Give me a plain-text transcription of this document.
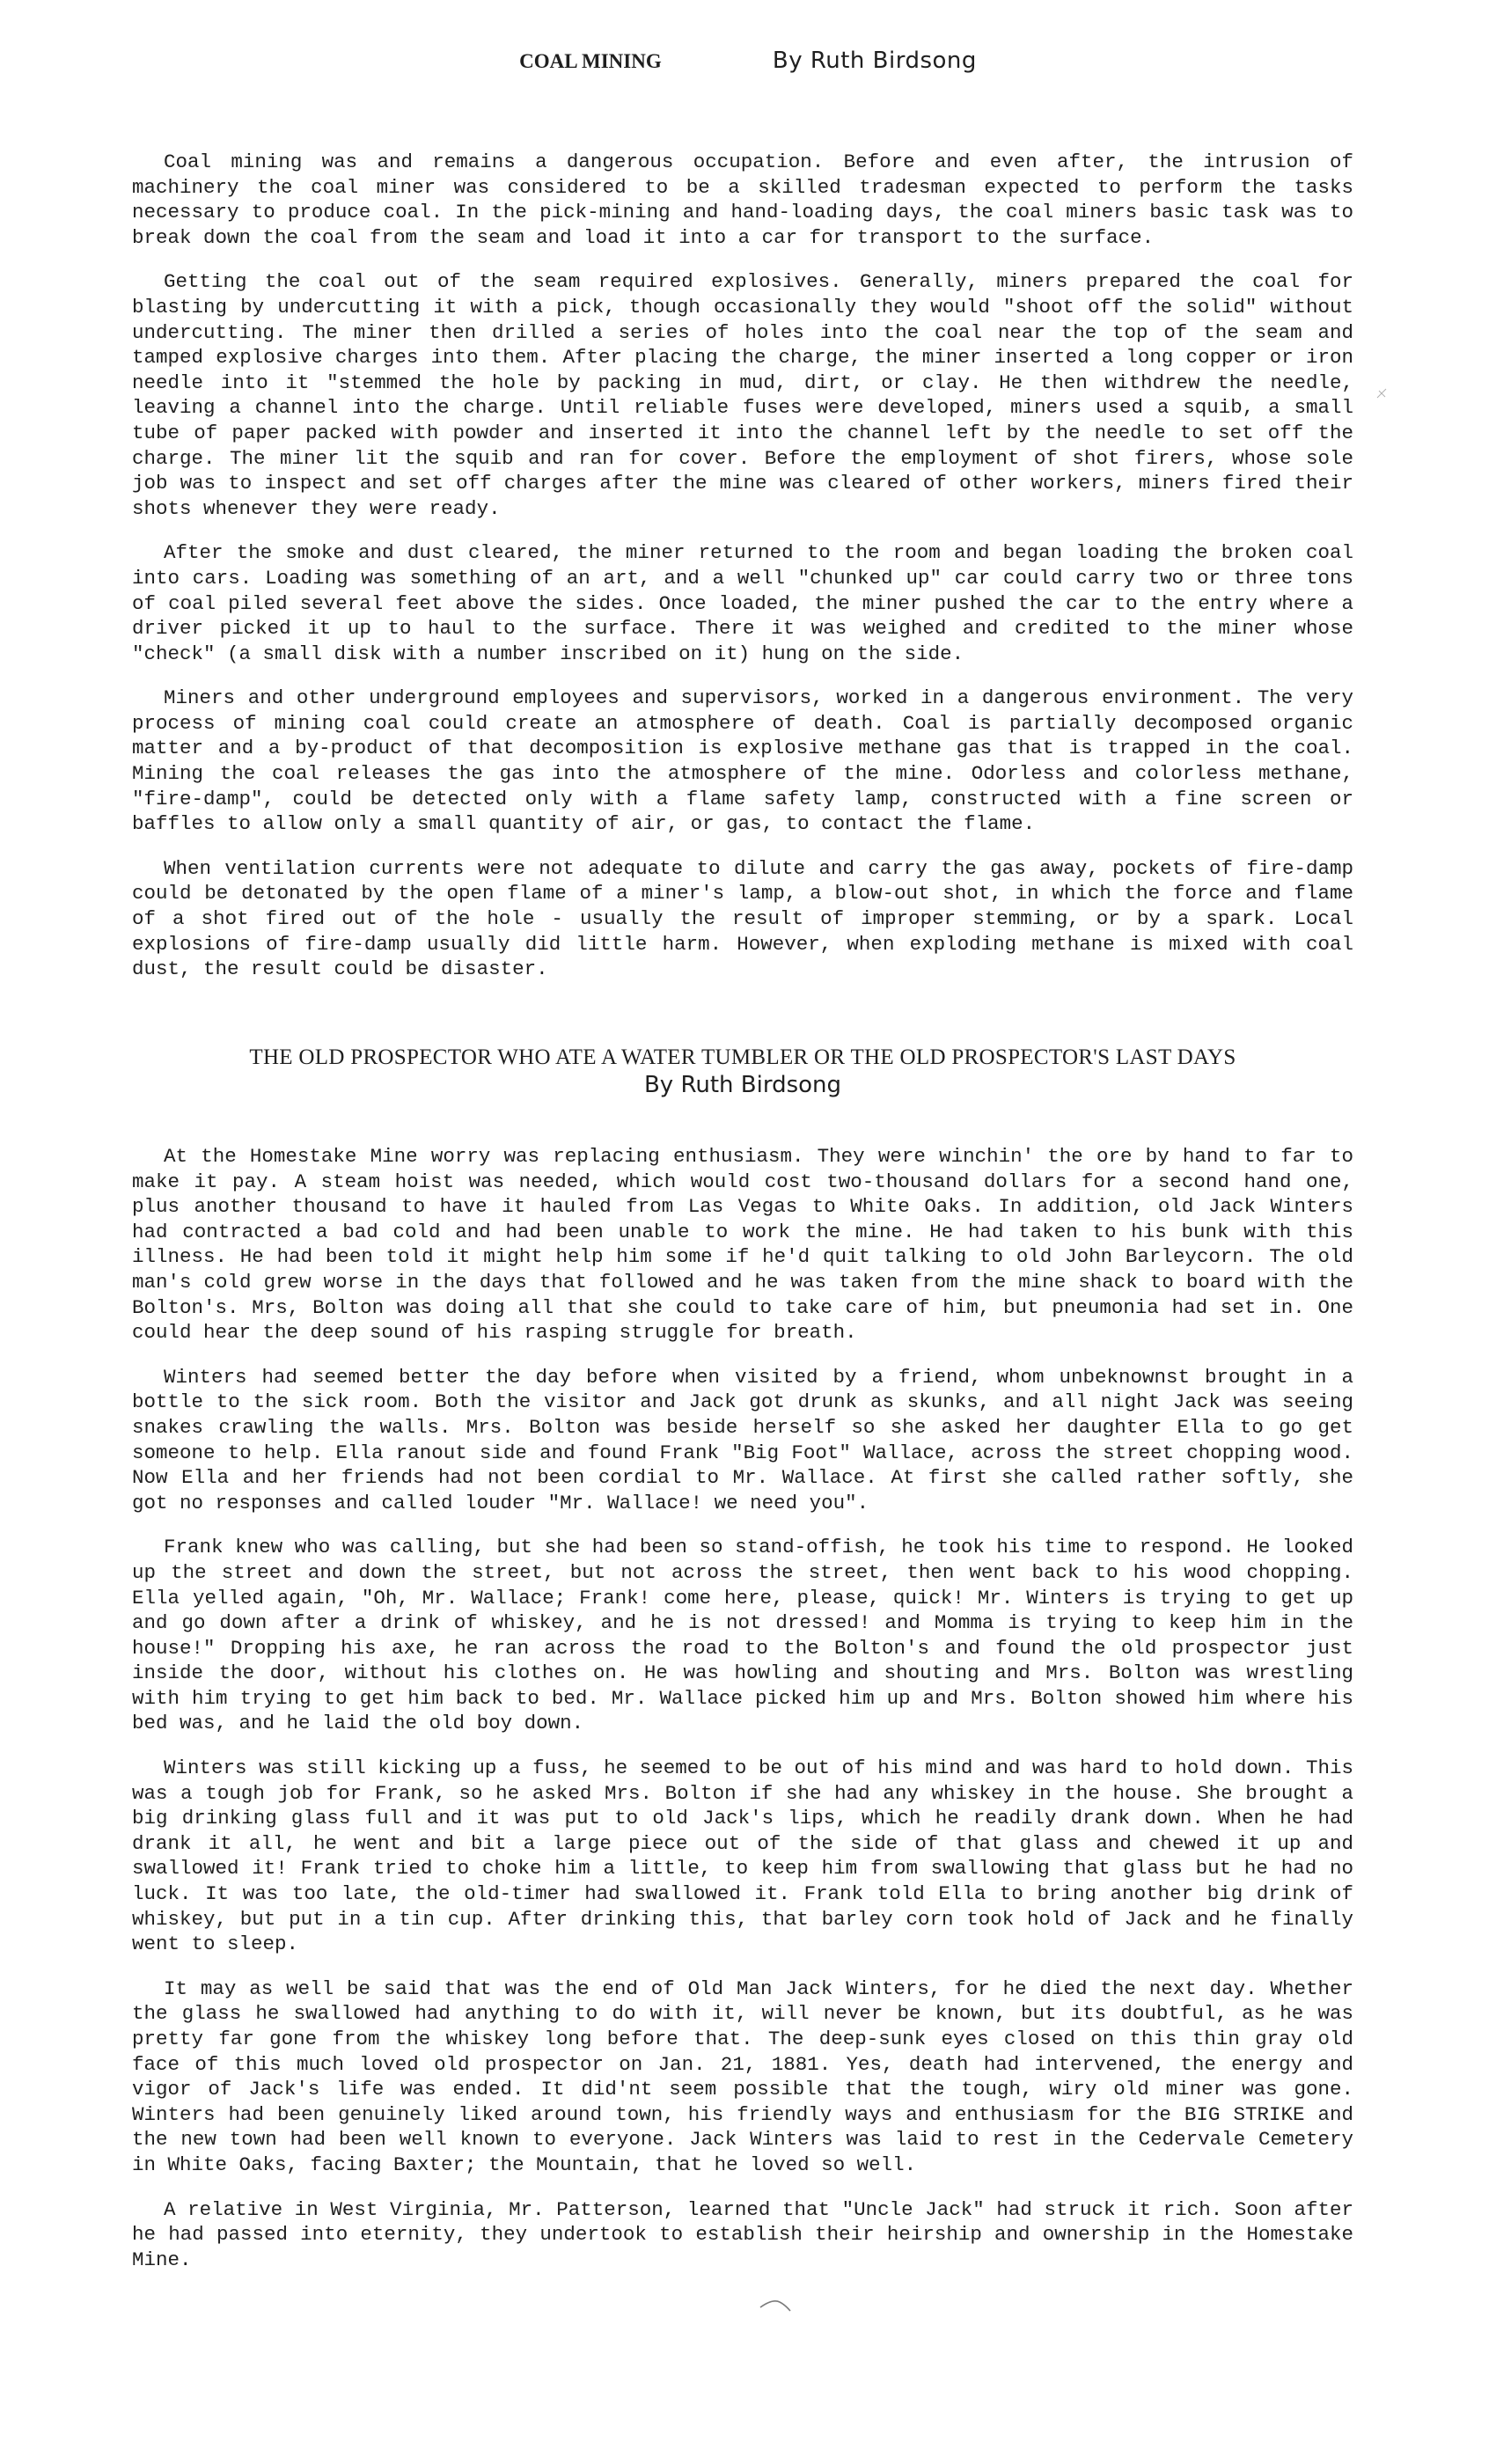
COAL MINING	By Ruth Birdsong

Coal mining was and remains a dangerous occupation. Before and even after, the intrusion of machinery the coal miner was considered to be a skilled tradesman expected to perform the tasks necessary to produce coal. In the pick-mining and hand-loading days, the coal miners basic task was to break down the coal from the seam and load it into a car for transport to the surface.

Getting the coal out of the seam required explosives. Generally, miners prepared the coal for blasting by undercutting it with a pick, though occasionally they would "shoot off the solid" without undercutting. The miner then drilled a series of holes into the coal near the top of the seam and tamped explosive charges into them. After placing the charge, the miner inserted a long copper or iron needle into it "stemmed the hole by packing in mud, dirt, or clay. He then withdrew the needle, leaving a channel into the charge. Until reliable fuses were developed, miners used a squib, a small tube of paper packed with powder and inserted it into the channel left by the needle to set off the charge. The miner lit the squib and ran for cover. Before the employment of shot firers, whose sole job was to inspect and set off charges after the mine was cleared of other workers, miners fired their shots whenever they were ready.

After the smoke and dust cleared, the miner returned to the room and began loading the broken coal into cars. Loading was something of an art, and a well "chunked up" car could carry two or three tons of coal piled several feet above the sides. Once loaded, the miner pushed the car to the entry where a driver picked it up to haul to the surface. There it was weighed and credited to the miner whose "check" (a small disk with a number inscribed on it) hung on the side.

Miners and other underground employees and supervisors, worked in a dangerous environment. The very process of mining coal could create an atmosphere of death. Coal is partially decomposed organic matter and a by-product of that decomposition is explosive methane gas that is trapped in the coal. Mining the coal releases the gas into the atmosphere of the mine. Odorless and colorless methane, "fire-damp", could be detected only with a flame safety lamp, constructed with a fine screen or baffles to allow only a small quantity of air, or gas, to contact the flame.

When ventilation currents were not adequate to dilute and carry the gas away, pockets of fire-damp could be detonated by the open flame of a miner's lamp, a blow-out shot, in which the force and flame of a shot fired out of the hole - usually the result of improper stemming, or by a spark. Local explosions of fire-damp usually did little harm. However, when exploding methane is mixed with coal dust, the result could be disaster.

THE OLD PROSPECTOR WHO ATE A WATER TUMBLER OR THE OLD PROSPECTOR'S LAST DAYS
By Ruth Birdsong

At the Homestake Mine worry was replacing enthusiasm. They were winchin' the ore by hand to far to make it pay. A steam hoist was needed, which would cost two-thousand dollars for a second hand one, plus another thousand to have it hauled from Las Vegas to White Oaks. In addition, old Jack Winters had contracted a bad cold and had been unable to work the mine. He had taken to his bunk with this illness. He had been told it might help him some if he'd quit talking to old John Barleycorn. The old man's cold grew worse in the days that followed and he was taken from the mine shack to board with the Bolton's. Mrs, Bolton was doing all that she could to take care of him, but pneumonia had set in. One could hear the deep sound of his rasping struggle for breath.

Winters had seemed better the day before when visited by a friend, whom unbeknownst brought in a bottle to the sick room. Both the visitor and Jack got drunk as skunks, and all night Jack was seeing snakes crawling the walls. Mrs. Bolton was beside herself so she asked her daughter Ella to go get someone to help. Ella ranout side and found Frank "Big Foot" Wallace, across the street chopping wood. Now Ella and her friends had not been cordial to Mr. Wallace. At first she called rather softly, she got no responses and called louder "Mr. Wallace! we need you".

Frank knew who was calling, but she had been so stand-offish, he took his time to respond. He looked up the street and down the street, but not across the street, then went back to his wood chopping. Ella yelled again, "Oh, Mr. Wallace; Frank! come here, please, quick! Mr. Winters is trying to get up and go down after a drink of whiskey, and he is not dressed! and Momma is trying to keep him in the house!" Dropping his axe, he ran across the road to the Bolton's and found the old prospector just inside the door, without his clothes on. He was howling and shouting and Mrs. Bolton was wrestling with him trying to get him back to bed. Mr. Wallace picked him up and Mrs. Bolton showed him where his bed was, and he laid the old boy down.

Winters was still kicking up a fuss, he seemed to be out of his mind and was hard to hold down. This was a tough job for Frank, so he asked Mrs. Bolton if she had any whiskey in the house. She brought a big drinking glass full and it was put to old Jack's lips, which he readily drank down. When he had drank it all, he went and bit a large piece out of the side of that glass and chewed it up and swallowed it! Frank tried to choke him a little, to keep him from swallowing that glass but he had no luck. It was too late, the old-timer had swallowed it. Frank told Ella to bring another big drink of whiskey, but put in a tin cup. After drinking this, that barley corn took hold of Jack and he finally went to sleep.

It may as well be said that was the end of Old Man Jack Winters, for he died the next day. Whether the glass he swallowed had anything to do with it, will never be known, but its doubtful, as he was pretty far gone from the whiskey long before that. The deep-sunk eyes closed on this thin gray old face of this much loved old prospector on Jan. 21, 1881. Yes, death had intervened, the energy and vigor of Jack's life was ended. It did'nt seem possible that the tough, wiry old miner was gone. Winters had been genuinely liked around town, his friendly ways and enthusiasm for the BIG STRIKE and the new town had been well known to everyone. Jack Winters was laid to rest in the Cedervale Cemetery in White Oaks, facing Baxter; the Mountain, that he loved so well.

A relative in West Virginia, Mr. Patterson, learned that "Uncle Jack" had struck it rich. Soon after he had passed into eternity, they undertook to establish their heirship and ownership in the Homestake Mine.
